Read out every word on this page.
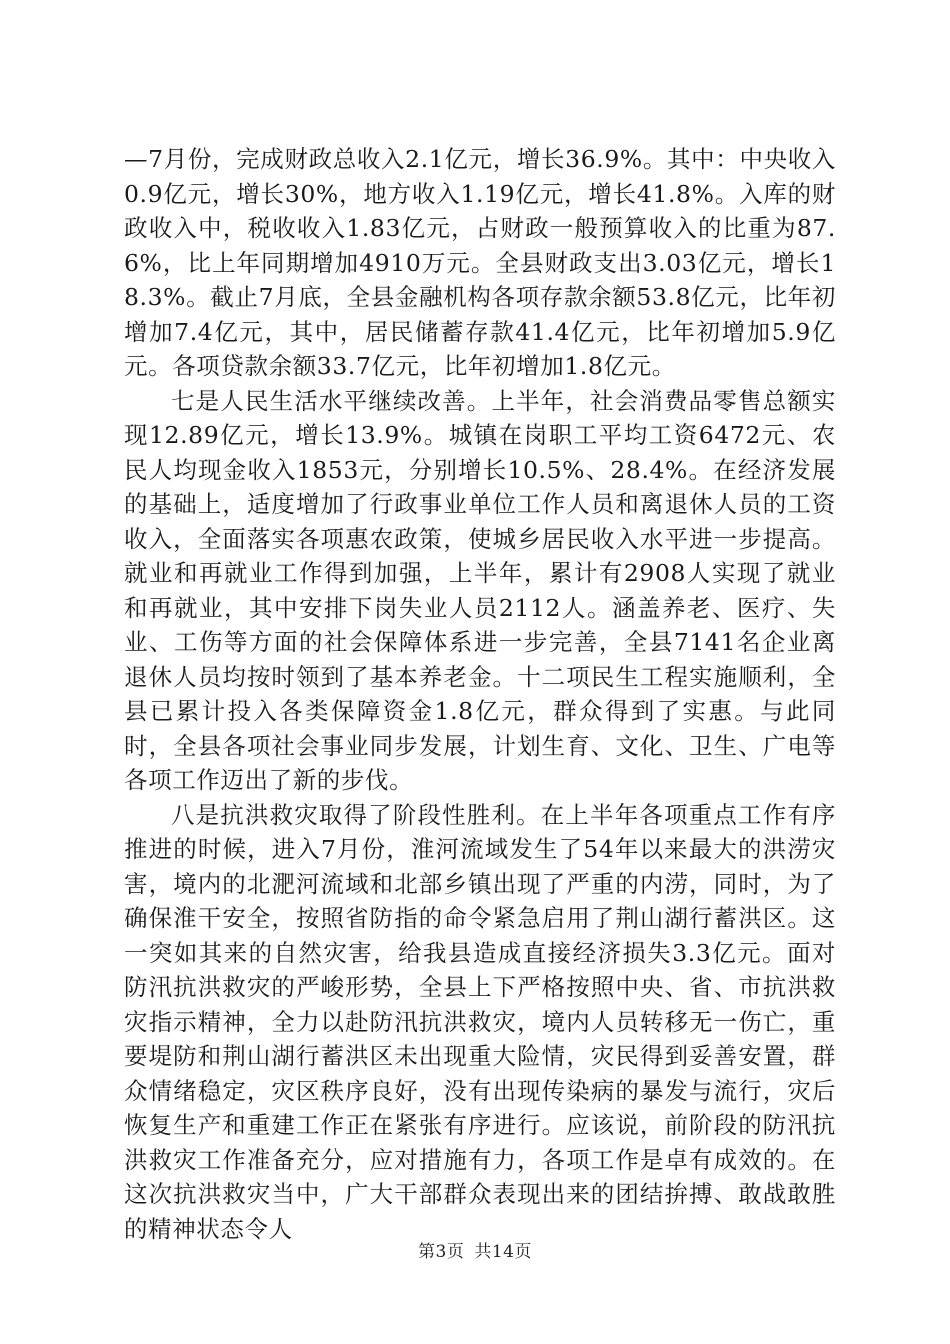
—7月份，完成财政总收入2.1亿元，增长36.9%。其中：中央收入0.9亿元，增长30%，地方收入1.19亿元，增长41.8%。入库的财政收入中，税收收入1.83亿元，占财政一般预算收入的比重为87.6%，比上年同期增加4910万元。全县财政支出3.03亿元，增长18.3%。截止7月底，全县金融机构各项存款余额53.8亿元，比年初增加7.4亿元，其中，居民储蓄存款41.4亿元，比年初增加5.9亿元。各项贷款余额33.7亿元，比年初增加1.8亿元。

七是人民生活水平继续改善。上半年，社会消费品零售总额实现12.89亿元，增长13.9%。城镇在岗职工平均工资6472元、农民人均现金收入1853元，分别增长10.5%、28.4%。在经济发展的基础上，适度增加了行政事业单位工作人员和离退休人员的工资收入，全面落实各项惠农政策，使城乡居民收入水平进一步提高。就业和再就业工作得到加强，上半年，累计有2908人实现了就业和再就业，其中安排下岗失业人员2112人。涵盖养老、医疗、失业、工伤等方面的社会保障体系进一步完善，全县7141名企业离退休人员均按时领到了基本养老金。十二项民生工程实施顺利，全县已累计投入各类保障资金1.8亿元，群众得到了实惠。与此同时，全县各项社会事业同步发展，计划生育、文化、卫生、广电等各项工作迈出了新的步伐。

八是抗洪救灾取得了阶段性胜利。在上半年各项重点工作有序推进的时候，进入7月份，淮河流域发生了54年以来最大的洪涝灾害，境内的北淝河流域和北部乡镇出现了严重的内涝，同时，为了确保淮干安全，按照省防指的命令紧急启用了荆山湖行蓄洪区。这一突如其来的自然灾害，给我县造成直接经济损失3.3亿元。面对防汛抗洪救灾的严峻形势，全县上下严格按照中央、省、市抗洪救灾指示精神，全力以赴防汛抗洪救灾，境内人员转移无一伤亡，重要堤防和荆山湖行蓄洪区未出现重大险情，灾民得到妥善安置，群众情绪稳定，灾区秩序良好，没有出现传染病的暴发与流行，灾后恢复生产和重建工作正在紧张有序进行。应该说，前阶段的防汛抗洪救灾工作准备充分，应对措施有力，各项工作是卓有成效的。在这次抗洪救灾当中，广大干部群众表现出来的团结拚搏、敢战敢胜的精神状态令人

第3页 共14页
